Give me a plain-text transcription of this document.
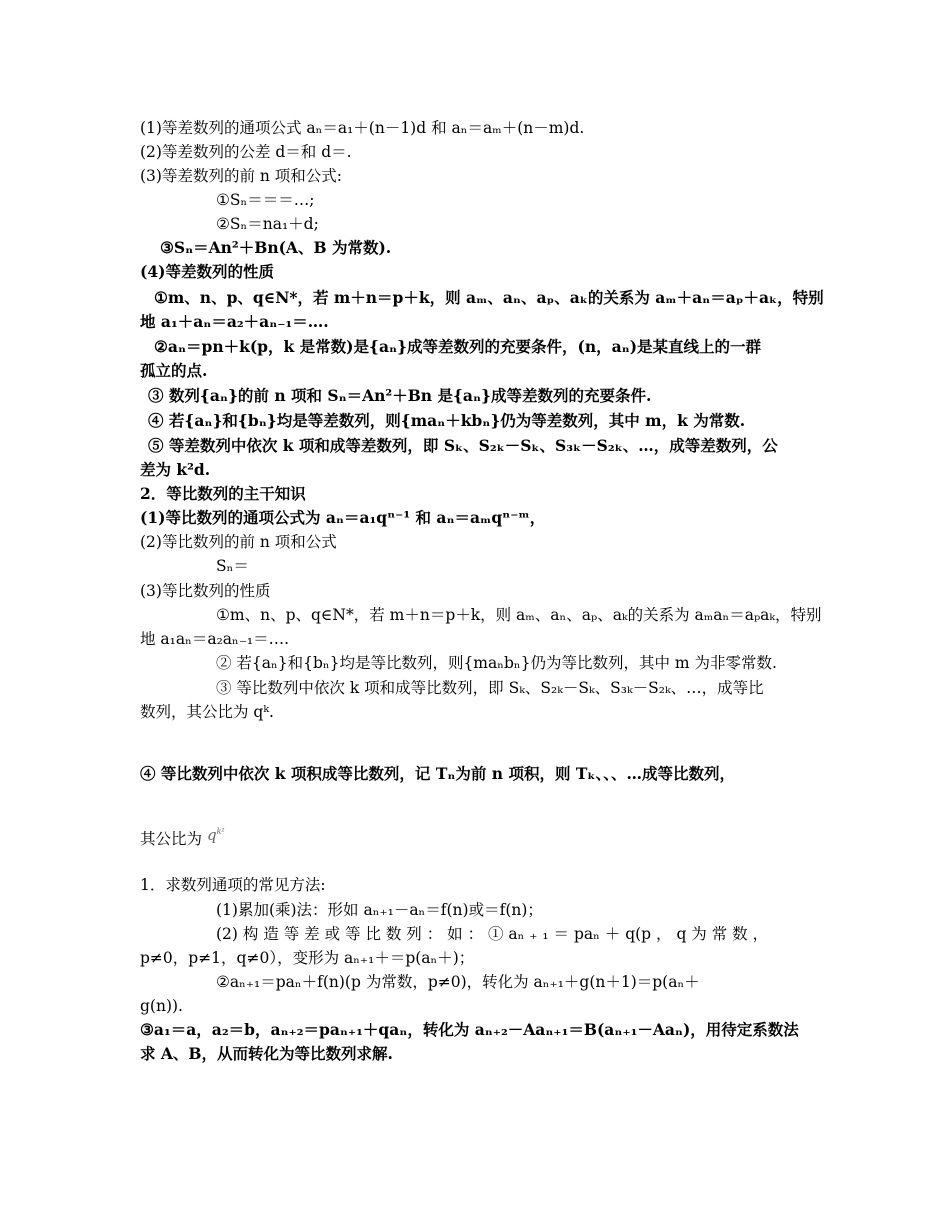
(1)等差数列的通项公式 aₙ＝a₁＋(n－1)d 和 aₙ＝aₘ＋(n－m)d.
(2)等差数列的公差 d＝和 d＝.
(3)等差数列的前 n 项和公式:
①Sₙ＝＝＝…;
②Sₙ＝na₁＋d;
③Sₙ＝An²＋Bn(A、B 为常数).
(4)等差数列的性质
①m、n、p、q∈N*，若 m＋n＝p＋k，则 aₘ、aₙ、aₚ、aₖ的关系为 aₘ＋aₙ＝aₚ＋aₖ，特别
地 a₁＋aₙ＝a₂＋aₙ₋₁＝….
②aₙ＝pn＋k(p，k 是常数)是{aₙ}成等差数列的充要条件，(n，aₙ)是某直线上的一群
孤立的点.
③ 数列{aₙ}的前 n 项和 Sₙ＝An²＋Bn 是{aₙ}成等差数列的充要条件.
④ 若{aₙ}和{bₙ}均是等差数列，则{maₙ＋kbₙ}仍为等差数列，其中 m，k 为常数.
⑤ 等差数列中依次 k 项和成等差数列，即 Sₖ、S₂ₖ－Sₖ、S₃ₖ－S₂ₖ、…，成等差数列，公
差为 k²d.
2．等比数列的主干知识
(1)等比数列的通项公式为 aₙ＝a₁qⁿ⁻¹ 和 aₙ＝aₘqⁿ⁻ᵐ，
(2)等比数列的前 n 项和公式
Sₙ＝
(3)等比数列的性质
①m、n、p、q∈N*，若 m＋n＝p＋k，则 aₘ、aₙ、aₚ、aₖ的关系为 aₘaₙ＝aₚaₖ，特别
地 a₁aₙ＝a₂aₙ₋₁＝….
② 若{aₙ}和{bₙ}均是等比数列，则{maₙbₙ}仍为等比数列，其中 m 为非零常数.
③ 等比数列中依次 k 项和成等比数列，即 Sₖ、S₂ₖ－Sₖ、S₃ₖ－S₂ₖ、…，成等比
数列，其公比为 qᵏ.
④ 等比数列中依次 k 项积成等比数列，记 Tₙ为前 n 项积，则 Tₖ、、、…成等比数列，
其公比为 $q^{k^2}$
1．求数列通项的常见方法:
(1)累加(乘)法：形如 aₙ₊₁－aₙ＝f(n)或＝f(n)；
(2) 构 造 等 差 或 等 比 数 列 ： 如 ： ① aₙ ₊ ₁ ＝ paₙ ＋ q(p ， q 为 常 数 ，
p≠0，p≠1，q≠0），变形为 aₙ₊₁＋＝p(aₙ＋)；
②aₙ₊₁＝paₙ＋f(n)(p 为常数，p≠0)，转化为 aₙ₊₁＋g(n＋1)＝p(aₙ＋
g(n)).
③a₁＝a，a₂＝b，aₙ₊₂＝paₙ₊₁＋qaₙ，转化为 aₙ₊₂－Aaₙ₊₁＝B(aₙ₊₁－Aaₙ)，用待定系数法
求 A、B，从而转化为等比数列求解.
